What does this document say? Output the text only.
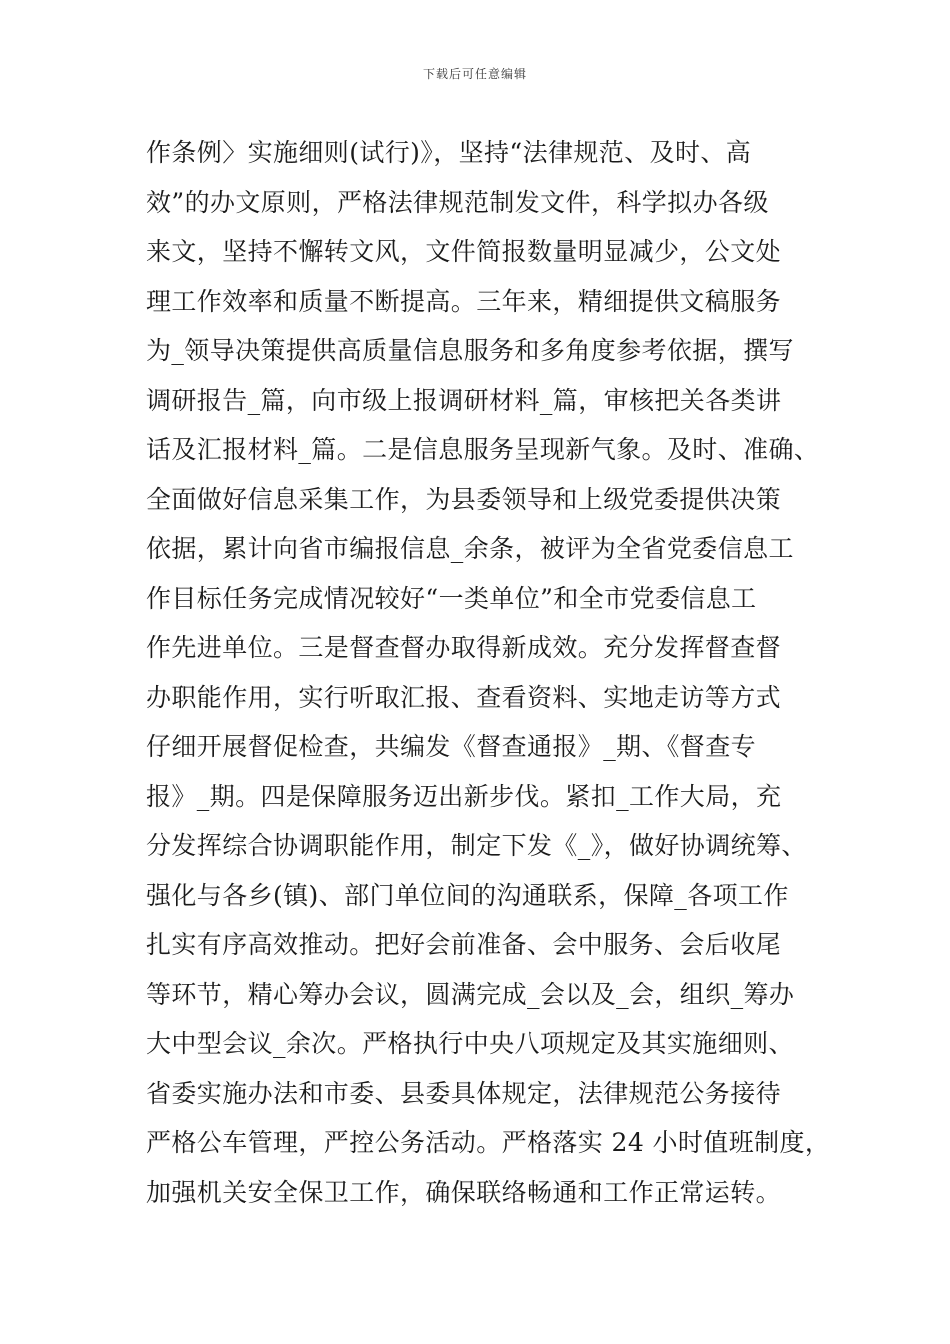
下载后可任意编辑
作条例〉实施细则(试行)》，坚持“法律规范、及时、高
效”的办文原则，严格法律规范制发文件，科学拟办各级
来文，坚持不懈转文风，文件简报数量明显减少，公文处
理工作效率和质量不断提高。三年来，精细提供文稿服务
为_领导决策提供高质量信息服务和多角度参考依据，撰写
调研报告_篇，向市级上报调研材料_篇，审核把关各类讲
话及汇报材料_篇。二是信息服务呈现新气象。及时、准确、
全面做好信息采集工作，为县委领导和上级党委提供决策
依据，累计向省市编报信息_余条，被评为全省党委信息工
作目标任务完成情况较好“一类单位”和全市党委信息工
作先进单位。三是督查督办取得新成效。充分发挥督查督
办职能作用，实行听取汇报、查看资料、实地走访等方式
仔细开展督促检查，共编发《督查通报》_期、《督查专
报》_期。四是保障服务迈出新步伐。紧扣_工作大局，充
分发挥综合协调职能作用，制定下发《_》，做好协调统筹、
强化与各乡(镇)、部门单位间的沟通联系，保障_各项工作
扎实有序高效推动。把好会前准备、会中服务、会后收尾
等环节，精心筹办会议，圆满完成_会以及_会，组织_筹办
大中型会议_余次。严格执行中央八项规定及其实施细则、
省委实施办法和市委、县委具体规定，法律规范公务接待
严格公车管理，严控公务活动。严格落实 24 小时值班制度，
加强机关安全保卫工作，确保联络畅通和工作正常运转。
